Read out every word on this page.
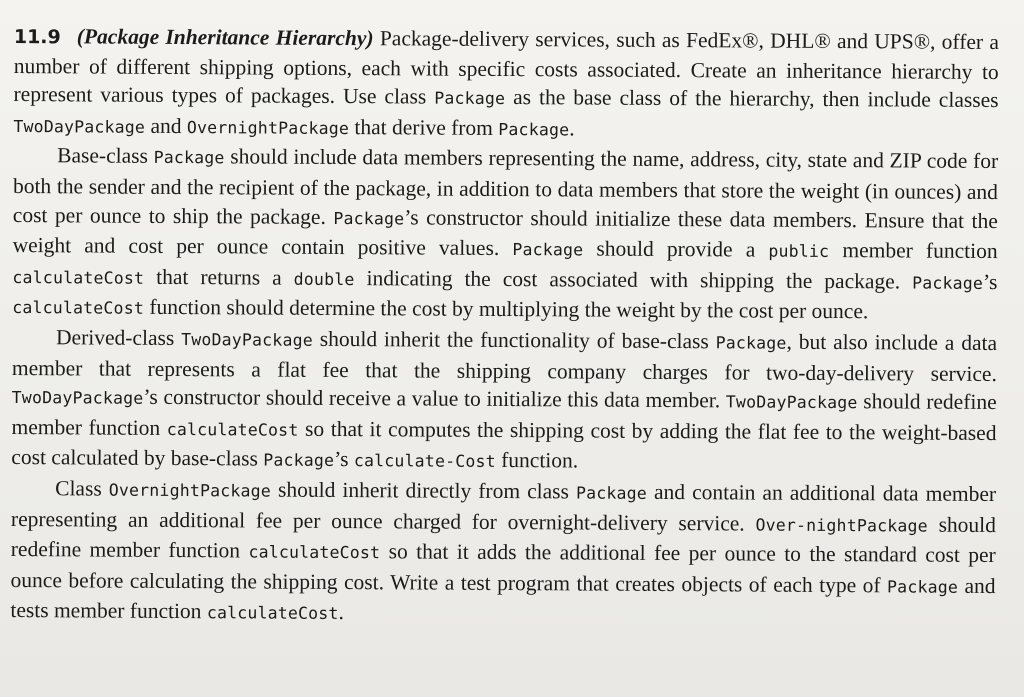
11.9 (Package Inheritance Hierarchy) Package-delivery services, such as FedEx®, DHL® and UPS®, offer a number of different shipping options, each with specific costs associated. Create an inheritance hierarchy to represent various types of packages. Use class Package as the base class of the hierarchy, then include classes TwoDayPackage and OvernightPackage that derive from Package.

Base-class Package should include data members representing the name, address, city, state and ZIP code for both the sender and the recipient of the package, in addition to data members that store the weight (in ounces) and cost per ounce to ship the package. Package’s constructor should initialize these data members. Ensure that the weight and cost per ounce contain positive values. Package should provide a public member function calculateCost that returns a double indicating the cost associated with shipping the package. Package’s calculateCost function should determine the cost by multiplying the weight by the cost per ounce.

Derived-class TwoDayPackage should inherit the functionality of base-class Package, but also include a data member that represents a flat fee that the shipping company charges for two-day-delivery service. TwoDayPackage’s constructor should receive a value to initialize this data member. TwoDayPackage should redefine member function calculateCost so that it computes the shipping cost by adding the flat fee to the weight-based cost calculated by base-class Package’s calculate-Cost function.

Class OvernightPackage should inherit directly from class Package and contain an additional data member representing an additional fee per ounce charged for overnight-delivery service. Over-nightPackage should redefine member function calculateCost so that it adds the additional fee per ounce to the standard cost per ounce before calculating the shipping cost. Write a test program that creates objects of each type of Package and tests member function calculateCost.
